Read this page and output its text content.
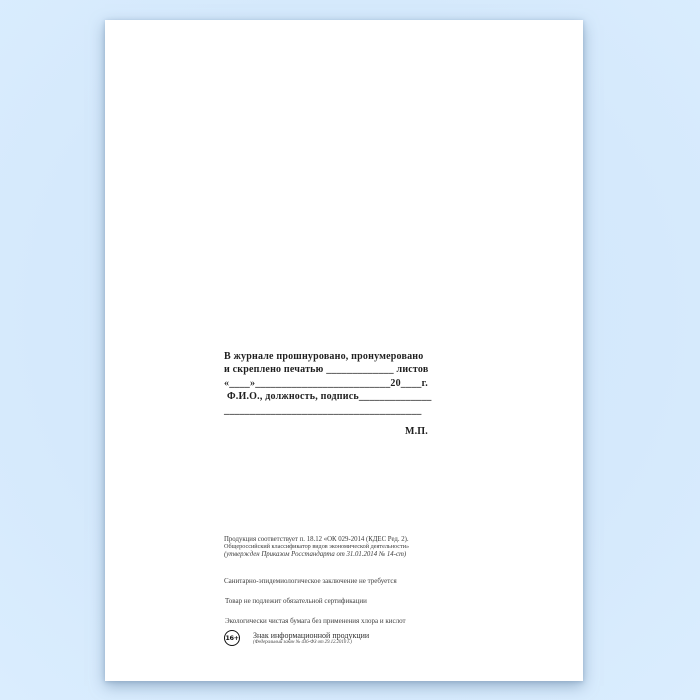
В журнале прошнуровано, пронумеровано
и скреплено печатью _____________ листов
«____»__________________________20____г.
Ф.И.О., должность, подпись______________
______________________________________
М.П.
Продукция соответствует п. 18.12 «ОК 029-2014 (КДЕС Ред. 2).
Общероссийский классификатор видов экономической деятельности»
(утвержден Приказом Росстандарта от 31.01.2014 № 14-ст)
Санитарно-эпидемиологическое заключение не требуется
Товар не подлежит обязательной сертификации
Экологически чистая бумага без применения хлора и кислот
16+ Знак информационной продукции
(Федеральный закон № 436-ФЗ от 29.12.2010 г.)
